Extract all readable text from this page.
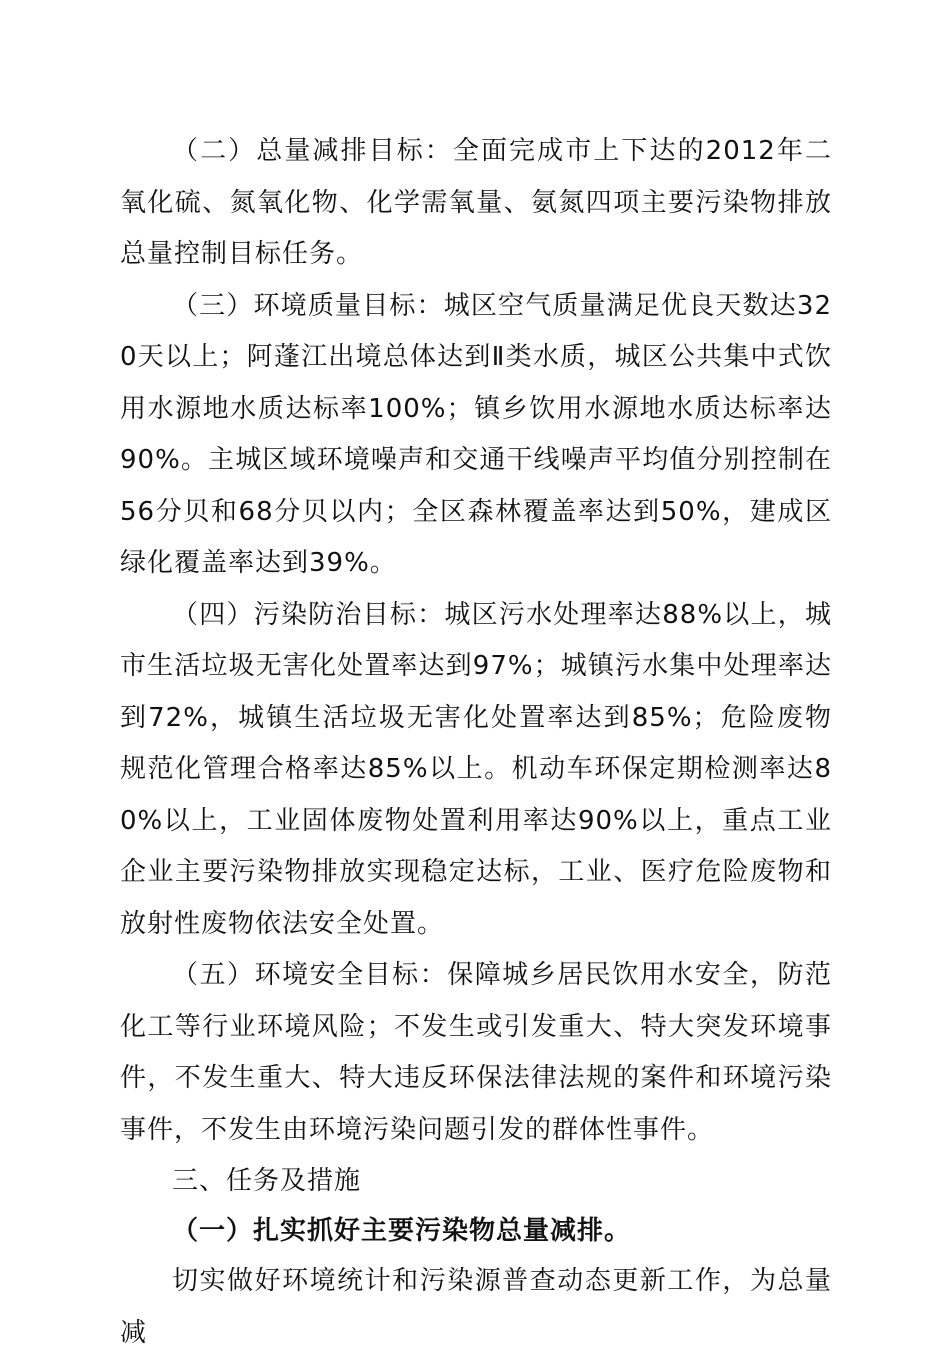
（二）总量减排目标：全面完成市上下达的2012年二氧化硫、氮氧化物、化学需氧量、氨氮四项主要污染物排放总量控制目标任务。

（三）环境质量目标：城区空气质量满足优良天数达320天以上；阿蓬江出境总体达到Ⅱ类水质，城区公共集中式饮用水源地水质达标率100%；镇乡饮用水源地水质达标率达90%。主城区域环境噪声和交通干线噪声平均值分别控制在56分贝和68分贝以内；全区森林覆盖率达到50%，建成区绿化覆盖率达到39%。

（四）污染防治目标：城区污水处理率达88%以上，城市生活垃圾无害化处置率达到97%；城镇污水集中处理率达到72%，城镇生活垃圾无害化处置率达到85%；危险废物规范化管理合格率达85%以上。机动车环保定期检测率达80%以上，工业固体废物处置利用率达90%以上，重点工业企业主要污染物排放实现稳定达标，工业、医疗危险废物和放射性废物依法安全处置。

（五）环境安全目标：保障城乡居民饮用水安全，防范化工等行业环境风险；不发生或引发重大、特大突发环境事件，不发生重大、特大违反环保法律法规的案件和环境污染事件，不发生由环境污染问题引发的群体性事件。

三、任务及措施

（一）扎实抓好主要污染物总量减排。

切实做好环境统计和污染源普查动态更新工作，为总量减
